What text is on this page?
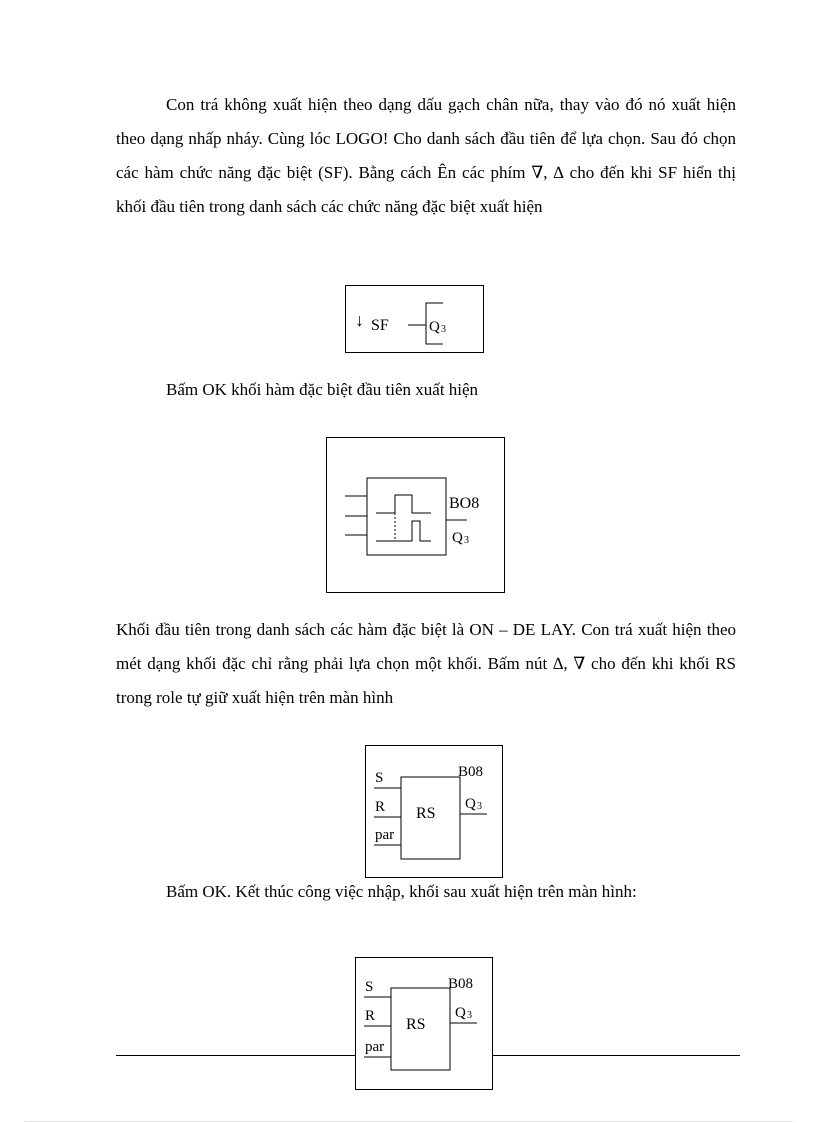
Con trá không xuất hiện theo dạng dấu gạch chân nữa, thay vào đó nó xuất hiện theo dạng nhấp nháy. Cùng lóc LOGO! Cho danh sách đầu tiên để lựa chọn. Sau đó chọn các hàm chức năng đặc biệt (SF). Bằng cách Ên các phím ∇, ∆ cho đến khi SF hiển thị khối đầu tiên trong danh sách các chức năng đặc biệt xuất hiện

↓ SF	Q 3

Bấm OK khối hàm đặc biệt đầu tiên xuất hiện

BO8
Q 3

Khối đầu tiên trong danh sách các hàm đặc biệt là ON – DE LAY. Con trá xuất hiện theo mét dạng khối đặc chỉ rằng phải lựa chọn một khối. Bấm nút ∆, ∇ cho đến khi khối RS trong role tự giữ xuất hiện trên màn hình

S
R
par
RS
B08
Q 3

Bấm OK. Kết thúc công việc nhập, khối sau xuất hiện trên màn hình:

S
R
par
RS
B08
Q 3
